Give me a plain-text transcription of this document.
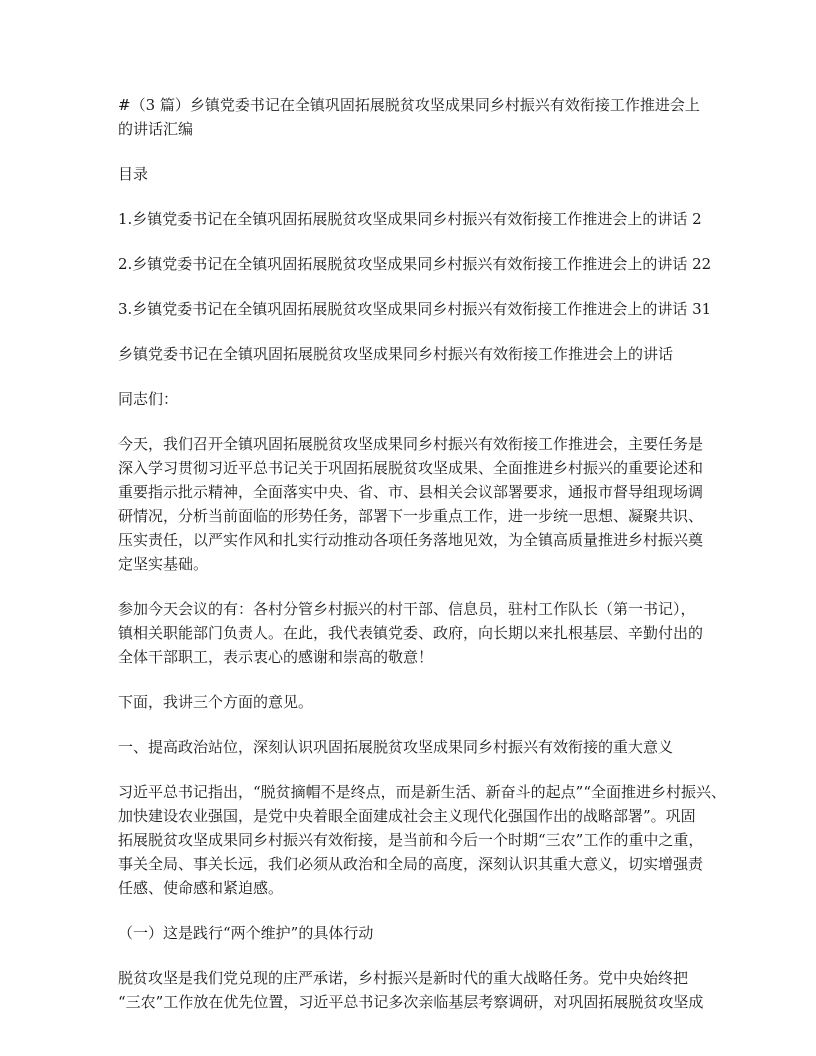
#（3 篇）乡镇党委书记在全镇巩固拓展脱贫攻坚成果同乡村振兴有效衔接工作推进会上

的讲话汇编

目录

1.乡镇党委书记在全镇巩固拓展脱贫攻坚成果同乡村振兴有效衔接工作推进会上的讲话 2

2.乡镇党委书记在全镇巩固拓展脱贫攻坚成果同乡村振兴有效衔接工作推进会上的讲话 22

3.乡镇党委书记在全镇巩固拓展脱贫攻坚成果同乡村振兴有效衔接工作推进会上的讲话 31

乡镇党委书记在全镇巩固拓展脱贫攻坚成果同乡村振兴有效衔接工作推进会上的讲话

同志们：

今天，我们召开全镇巩固拓展脱贫攻坚成果同乡村振兴有效衔接工作推进会，主要任务是

深入学习贯彻习近平总书记关于巩固拓展脱贫攻坚成果、全面推进乡村振兴的重要论述和

重要指示批示精神，全面落实中央、省、市、县相关会议部署要求，通报市督导组现场调

研情况，分析当前面临的形势任务，部署下一步重点工作，进一步统一思想、凝聚共识、

压实责任，以严实作风和扎实行动推动各项任务落地见效，为全镇高质量推进乡村振兴奠

定坚实基础。

参加今天会议的有：各村分管乡村振兴的村干部、信息员，驻村工作队长（第一书记），

镇相关职能部门负责人。在此，我代表镇党委、政府，向长期以来扎根基层、辛勤付出的

全体干部职工，表示衷心的感谢和崇高的敬意！

下面，我讲三个方面的意见。

一、提高政治站位，深刻认识巩固拓展脱贫攻坚成果同乡村振兴有效衔接的重大意义

习近平总书记指出，“脱贫摘帽不是终点，而是新生活、新奋斗的起点”“全面推进乡村振兴、

加快建设农业强国，是党中央着眼全面建成社会主义现代化强国作出的战略部署”。巩固

拓展脱贫攻坚成果同乡村振兴有效衔接，是当前和今后一个时期“三农”工作的重中之重，

事关全局、事关长远，我们必须从政治和全局的高度，深刻认识其重大意义，切实增强责

任感、使命感和紧迫感。

（一）这是践行“两个维护”的具体行动

脱贫攻坚是我们党兑现的庄严承诺，乡村振兴是新时代的重大战略任务。党中央始终把

“三农”工作放在优先位置，习近平总书记多次亲临基层考察调研，对巩固拓展脱贫攻坚成
